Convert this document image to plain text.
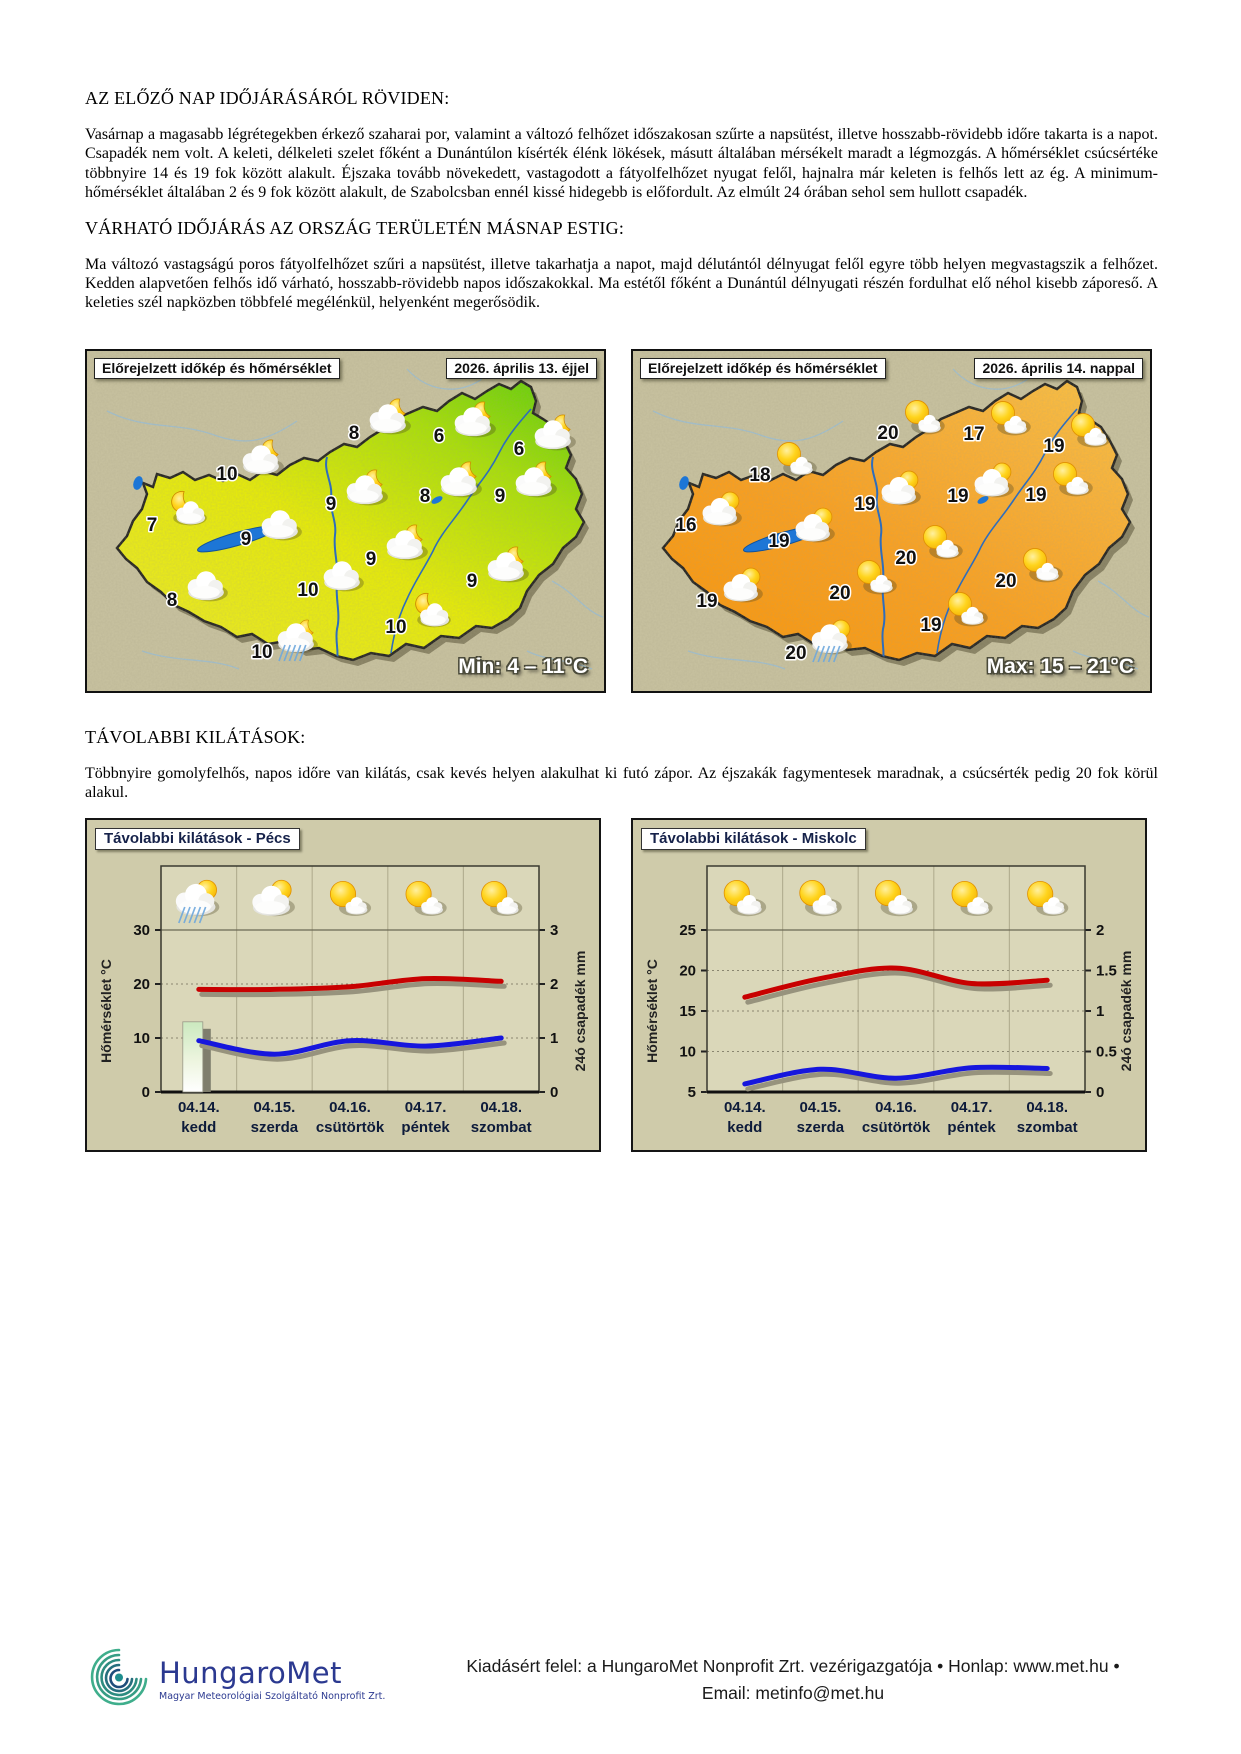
AZ ELŐZŐ NAP IDŐJÁRÁSÁRÓL RÖVIDEN:

Vasárnap a magasabb légrétegekben érkező szaharai por, valamint a változó felhőzet időszakosan szűrte a napsütést, illetve hosszabb-rövidebb időre takarta is a napot. Csapadék nem volt. A keleti, délkeleti szelet főként a Dunántúlon kísérték élénk lökések, másutt általában mérsékelt maradt a légmozgás. A hőmérséklet csúcsértéke többnyire 14 és 19 fok között alakult. Éjszaka tovább növekedett, vastagodott a fátyolfelhőzet nyugat felől, hajnalra már keleten is felhős lett az ég. A minimum-hőmérséklet általában 2 és 9 fok között alakult, de Szabolcsban ennél kissé hidegebb is előfordult. Az elmúlt 24 órában sehol sem hullott csapadék.

VÁRHATÓ IDŐJÁRÁS AZ ORSZÁG TERÜLETÉN MÁSNAP ESTIG:

Ma változó vastagságú poros fátyolfelhőzet szűri a napsütést, illetve takarhatja a napot, majd délutántól délnyugat felől egyre több helyen megvastagszik a felhőzet. Kedden alapvetően felhős idő várható, hosszabb-rövidebb napos időszakokkal. Ma estétől főként a Dunántúl délnyugati részén fordulhat elő néhol kisebb záporeső. A keleties szél napközben többfelé megélénkül, helyenként megerősödik.

8	6
6
10
9	8	9
7
9
9
9
8	10
10
10
Előrejelzett időkép és hőmérséklet	2026. április 13. éjjel
Min: 4 – 11°C
20	17
19
18
19	19	19
16
19
20
20
20
19
19
20
Előrejelzett időkép és hőmérséklet	2026. április 14. nappal
Max: 15 – 21°C
TÁVOLABBI KILÁTÁSOK:

Többnyire gomolyfelhős, napos időre van kilátás, csak kevés helyen alakulhat ki futó zápor. Az éjszakák fagymentesek maradnak, a csúcsérték pedig 20 fok körül alakul.

0
10
20
30
0
1
2
3
04.14.
kedd
04.15.
szerda
04.16.
csütörtök
04.17.
péntek
04.18.
szombat
Hőmérséklet °C	24ó csapadék mm
Távolabbi kilátások - Pécs
5
10
15
20
25
0
0.5
1
1.5
2
04.14.
kedd
04.15.
szerda
04.16.
csütörtök
04.17.
péntek
04.18.
szombat
Hőmérséklet °C	24ó csapadék mm
Távolabbi kilátások - Miskolc
HungaroMet
Magyar Meteorológiai Szolgáltató Nonprofit Zrt.
Kiadásért felel: a HungaroMet Nonprofit Zrt. vezérigazgatója • Honlap: www.met.hu •
Email: metinfo@met.hu
